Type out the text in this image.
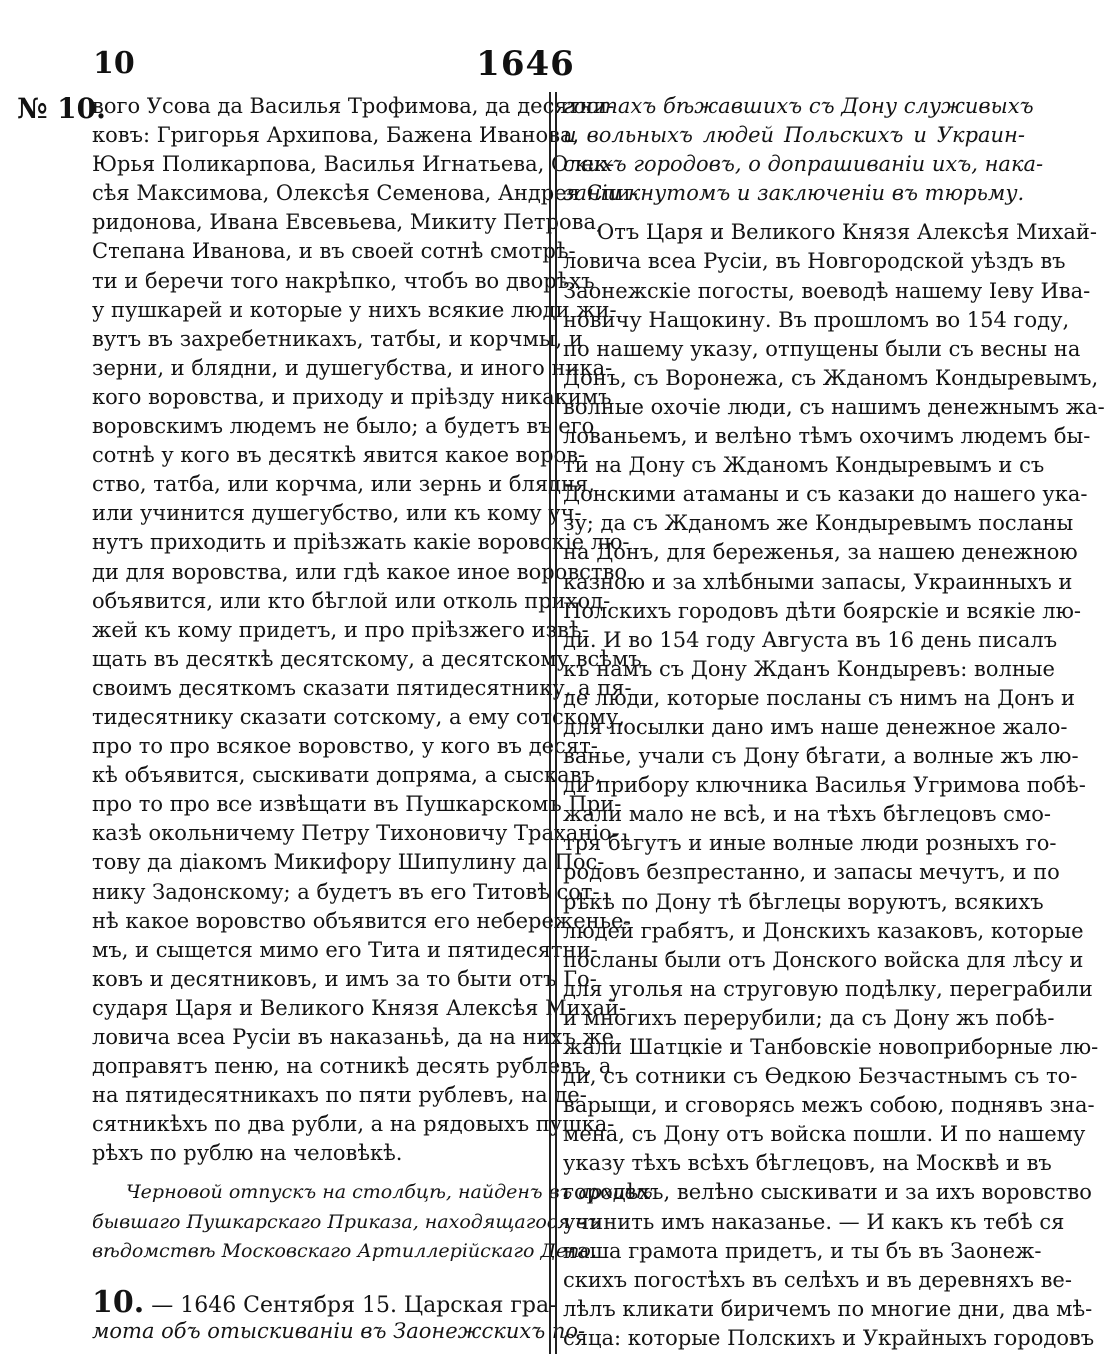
10	1646
№ 10.
вого Усова да Василья Трофимова, да десятни-
ковъ: Григорья Архипова, Бажена Иванова,
Юрья Поликарпова, Василья Игнатьева, Олек-
сѣя Максимова, Олексѣя Семенова, Андрея Спи-
ридонова, Ивана Евсевьева, Микиту Петрова,
Степана Иванова, и въ своей сотнѣ смотрѣ-
ти и беречи того накрѣпко, чтобъ во дворѣхъ
у пушкарей и которые у нихъ всякие люди жи-
вутъ въ захребетникахъ, татбы, и корчмы, и
зерни, и блядни, и душегубства, и иного ника-
кого воровства, и приходу и прiѣзду никакимъ
воровскимъ людемъ не было; а будетъ въ его
сотнѣ у кого въ десяткѣ явится какое воров-
ство, татба, или корчма, или зернь и блядня,
или учинится душегубство, или къ кому уч-
нутъ приходить и прiѣзжать какiе воровскiе лю-
ди для воровства, или гдѣ какое иное воровство
объявится, или кто бѣглой или отколь приход-
жей къ кому придетъ, и про прiѣзжего извѣ-
щать въ десяткѣ десятскому, а десятскому всѣмъ
своимъ десяткомъ сказати пятидесятнику, а пя-
тидесятнику сказати сотскому, а ему сотскому,
про то про всякое воровство, у кого въ десят-
кѣ объявится, сыскивати допряма, а сыскавъ,
про то про все извѣщати въ Пушкарскомъ При-
казѣ окольничему Петру Тихоновичу Траханiо-
тову да дiакомъ Микифору Шипулину да Пос-
нику Задонскому; а будетъ въ его Титовѣ сот-
нѣ какое воровство объявится его небереженье-
мъ, и сыщется мимо его Тита и пятидесятни-
ковъ и десятниковъ, и имъ за то быти отъ Го-
сударя Царя и Великого Князя Алексѣя Михай-
ловича всеа Русiи въ наказаньѣ, да на нихъ же
доправятъ пеню, на сотникѣ десять рублевъ, а
на пятидесятникахъ по пяти рублевъ, на де-
сятникѣхъ по два рубли, а на рядовыхъ пушка-
рѣхъ по рублю на человѣкѣ.
Черновой отпускъ на столбцѣ, найденъ въ архивѣ
бывшаго Пушкарскаго Приказа, находящагося въ
вѣдомствѣ Московскаго Артиллерiйскаго Депо.
10. — 1646 Сентября 15. Царская гра-
мота объ отыскиванiи въ Заонежскихъ по-
гостахъ бѣжавшихъ съ Дону служивыхъ
и вольныхъ людей Польскихъ и Украин-
скихъ городовъ, о допрашиванiи ихъ, нака-
занiи кнутомъ и заключенiи въ тюрьму.
Отъ Царя и Великого Князя Алексѣя Михай-
ловича всеа Русiи, въ Новгородской уѣздъ въ
Заонежскiе погосты, воеводѣ нашему Iеву Ива-
новичу Нащокину. Въ прошломъ во 154 году,
по нашему указу, отпущены были съ весны на
Донъ, съ Воронежа, съ Жданомъ Кондыревымъ,
волные охочiе люди, съ нашимъ денежнымъ жа-
лованьемъ, и велѣно тѣмъ охочимъ людемъ бы-
ти на Дону съ Жданомъ Кондыревымъ и съ
Донскими атаманы и съ казаки до нашего ука-
зу; да съ Жданомъ же Кондыревымъ посланы
на Донъ, для береженья, за нашею денежною
казною и за хлѣбными запасы, Украинныхъ и
Полскихъ городовъ дѣти боярскiе и всякiе лю-
ди. И во 154 году Августа въ 16 день писалъ
къ намъ съ Дону Жданъ Кондыревъ: волные
де люди, которые посланы съ нимъ на Донъ и
для посылки дано имъ наше денежное жало-
ванье, учали съ Дону бѣгати, а волные жъ лю-
ди прибору ключника Василья Угримова побѣ-
жали мало не всѣ, и на тѣхъ бѣглецовъ смо-
тря бѣгутъ и иные волные люди розныхъ го-
родовъ безпрестанно, и запасы мечутъ, и по
рѣкѣ по Дону тѣ бѣглецы воруютъ, всякихъ
людей грабятъ, и Донскихъ казаковъ, которые
посланы были отъ Донского войска для лѣсу и
для уголья на струговую подѣлку, переграбили
и многихъ перерубили; да съ Дону жъ побѣ-
жали Шатцкiе и Танбовскiе новоприборные лю-
ди, съ сотники съ Ѳедкою Безчастнымъ съ то-
варыщи, и сговорясь межъ собою, поднявъ зна-
мена, съ Дону отъ войска пошли. И по нашему
указу тѣхъ всѣхъ бѣглецовъ, на Москвѣ и въ
городѣхъ, велѣно сыскивати и за ихъ воровство
учинить имъ наказанье. — И какъ къ тебѣ ся
наша грамота придетъ, и ты бъ въ Заонеж-
скихъ погостѣхъ въ селѣхъ и въ деревняхъ ве-
лѣлъ кликати биричемъ по многие дни, два мѣ-
сяца: которые Полскихъ и Украйныхъ городовъ
